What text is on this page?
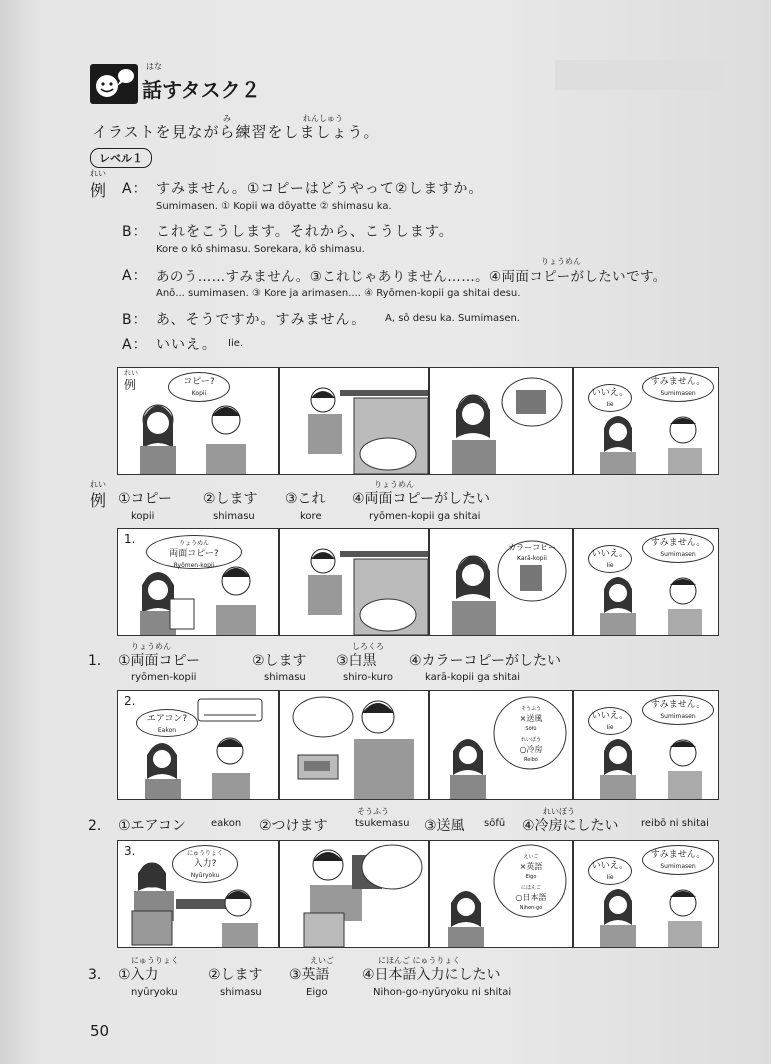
はな
話すタスク２
み	れんしゅう
イラストを見ながら練習をしましょう。
レベル１
れい
例 A： すみません。①コピーはどうやって②しますか。
Sumimasen. ① Kopii wa dōyatte ② shimasu ka.
B： これをこうします。それから、こうします。
Kore o kō shimasu. Sorekara, kō shimasu.
りょうめん
A： あのう……すみません。③これじゃありません……。④両面コピーがしたいです。
Anō... sumimasen. ③ Kore ja arimasen.... ④ Ryōmen-kopii ga shitai desu.
B： あ、そうですか。すみません。 A, sō desu ka. Sumimasen.
A： いいえ。 Iie.
れい
例	コピー?
Kopii	いいえ。
Iie
すみません。
Sumimasen
れい	りょうめん
例 ①コピー ②します ③これ ④両面コピーがしたい
kopii	shimasu	kore	ryōmen-kopii ga shitai
1.	りょうめん
両面コピー?
Ryōmen-kopii
カラーコピー
Karā-kopii	いいえ。
Iie
すみません。
Sumimasen
りょうめん	しろくろ
1． ①両面コピー	②します ③白黒 ④カラーコピーがしたい
ryōmen-kopii	shimasu	shiro-kuro	karā-kopii ga shitai
2.
エアコン?
Eakon
そうふう
×送風
Sōfū
れいぼう
○冷房
Reibō
いいえ。
Iie
すみません。
Sumimasen
そうふう	れいぼう
2． ①エアコン	eakon ②つけます	tsukemasu ③送風 sōfū ④冷房にしたい reibō ni shitai
3.	にゅうりょく
入力?
Nyūryoku
えいご
×英語
Eigo
にほんご
○日本語
Nihon-go
いいえ。
Iie
すみません。
Sumimasen
にゅうりょく	えいご	にほんご にゅうりょく
3． ①入力	②します ③英語 ④日本語入力にしたい
nyūryoku	shimasu	Eigo	Nihon-go-nyūryoku ni shitai
50
